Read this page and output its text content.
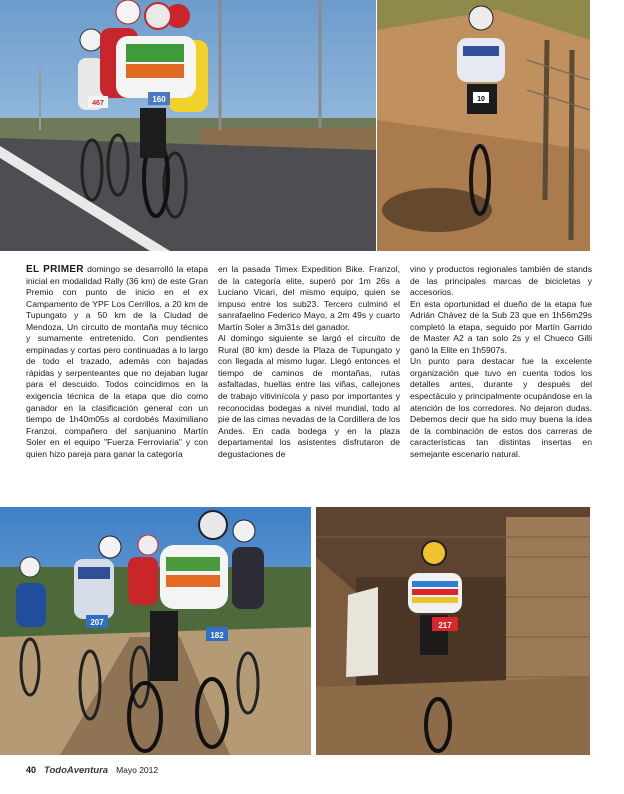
160
467
10

EL PRIMER domingo se desarrolló la etapa inicial en modalidad Rally (36 km) de este Gran Premio con punto de inicio en el ex Campamento de YPF Los Cerrillos, a 20 km de Tupungato y a 50 km de la Ciudad de Mendoza. Un circuito de montaña muy técnico y sumamente entretenido. Con pendientes empinadas y cortas pero continuadas a lo largo de todo el trazado, además con bajadas rápidas y serpenteantes que no dejaban lugar para el descuido. Todos coincidimos en la exigencia técnica de la etapa que dio como ganador en la clasificación general con un tiempo de 1h40m05s al cordobés Maximiliano Franzoi, compañero del sanjuanino Martín Soler en el equipo "Fuerza Ferroviaria" y con quien hizo pareja para ganar la categoría

en la pasada Timex Expedition Bike. Franzol, de la categoría elite, superó por 1m 26s a Luciano Vicari, del mismo equipo, quien se impuso entre los sub23. Tercero culminó el sanrafaelino Federico Mayo, a 2m 49s y cuarto Martín Soler a 3m31s del ganador.

Al domingo siguiente se largó el circuito de Rural (80 km) desde la Plaza de Tupungato y con llegada al mismo lugar. Llegó entonces el tiempo de caminos de montañas, rutas asfaltadas, huellas entre las viñas, callejones de trabajo vitivinícola y paso por importantes y reconocidas bodegas a nivel mundial, todo al pie de las cimas nevadas de la Cordillera de los Andes. En cada bodega y en la plaza departamental los asistentes disfrutaron de degustaciones de

vino y productos regionales también de stands de las principales marcas de bicicletas y accesorios.

En esta oportunidad el dueño de la etapa fue Adrián Chávez de la Sub 23 que en 1h56m29s completó la etapa, seguido por Martín Garrido de Master A2 a tan solo 2s y el Chueco Gilli ganó la Elite en 1h5907s.

Un punto para destacar fue la excelente organización que tuvo en cuenta todos los detalles antes, durante y después del espectáculo y principalmente ocupándose en la atención de los corredores. No dejaron dudas. Debemos decir que ha sido muy buena la idea de la combinación de estos dos carreras de características tan distintas insertas en semejante escenario natural.

207
182
217
40 TodoAventura Mayo 2012
